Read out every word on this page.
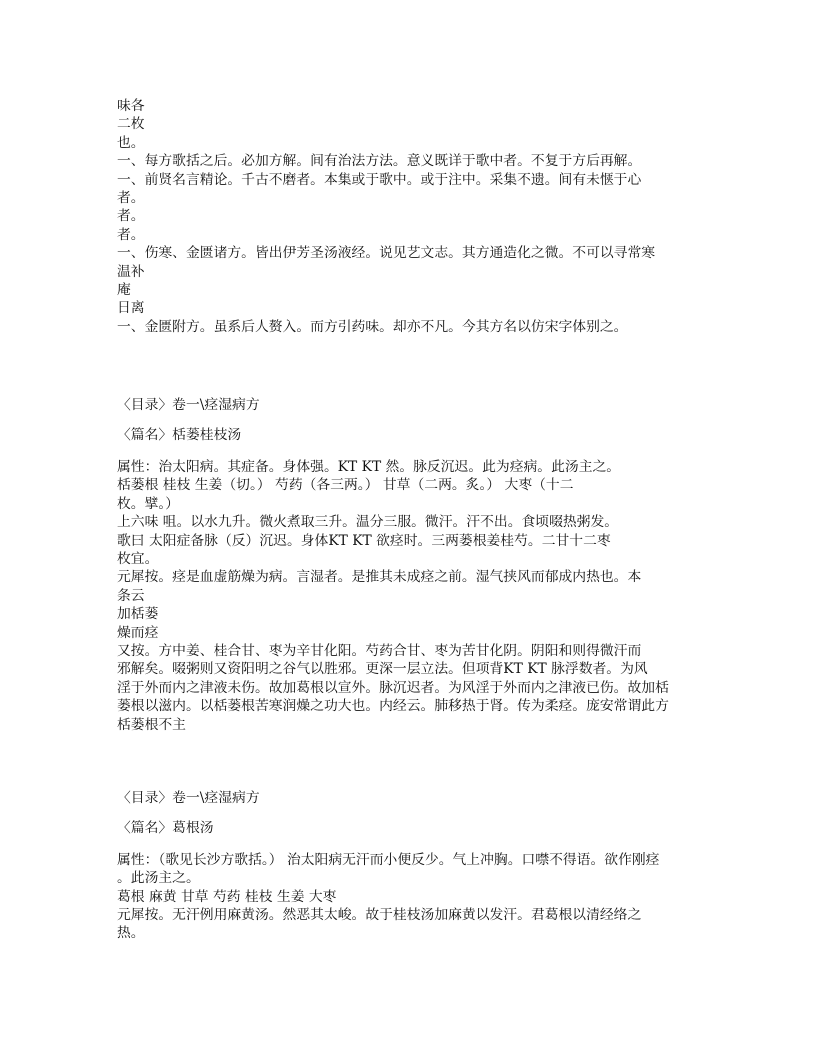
味各
二枚
也。
一、每方歌括之后。必加方解。间有治法方法。意义既详于歌中者。不复于方后再解。
一、前贤名言精论。千古不磨者。本集或于歌中。或于注中。采集不遗。间有未惬于心
者。
者。
者。
一、伤寒、金匮诸方。皆出伊芳圣汤液经。说见艺文志。其方通造化之微。不可以寻常寒
温补
庵
日离
一、金匮附方。虽系后人赘入。而方引药味。却亦不凡。今其方名以仿宋字体别之。
〈目录〉卷一\痉湿病方
〈篇名〉栝蒌桂枝汤
属性：治太阳病。其症备。身体强。KT KT 然。脉反沉迟。此为痉病。此汤主之。
栝蒌根 桂枝 生姜（切。） 芍药（各三两。） 甘草（二两。炙。） 大枣（十二
枚。擘。）
上六味 咀。以水九升。微火煮取三升。温分三服。微汗。汗不出。食顷啜热粥发。
歌曰 太阳症备脉（反）沉迟。身体KT KT 欲痉时。三两蒌根姜桂芍。二甘十二枣
枚宜。
元犀按。痉是血虚筋燥为病。言湿者。是推其未成痉之前。湿气挟风而郁成内热也。本
条云
加栝蒌
燥而痉
又按。方中姜、桂合甘、枣为辛甘化阳。芍药合甘、枣为苦甘化阴。阴阳和则得微汗而
邪解矣。啜粥则又资阳明之谷气以胜邪。更深一层立法。但项背KT KT 脉浮数者。为风
淫于外而内之津液未伤。故加葛根以宣外。脉沉迟者。为风淫于外而内之津液已伤。故加栝
蒌根以滋内。以栝蒌根苦寒润燥之功大也。内经云。肺移热于肾。传为柔痉。庞安常谓此方
栝蒌根不主
〈目录〉卷一\痉湿病方
〈篇名〉葛根汤
属性：（歌见长沙方歌括。） 治太阳病无汗而小便反少。气上冲胸。口噤不得语。欲作刚痉
。此汤主之。
葛根 麻黄 甘草 芍药 桂枝 生姜 大枣
元犀按。无汗例用麻黄汤。然恶其太峻。故于桂枝汤加麻黄以发汗。君葛根以清经络之
热。
